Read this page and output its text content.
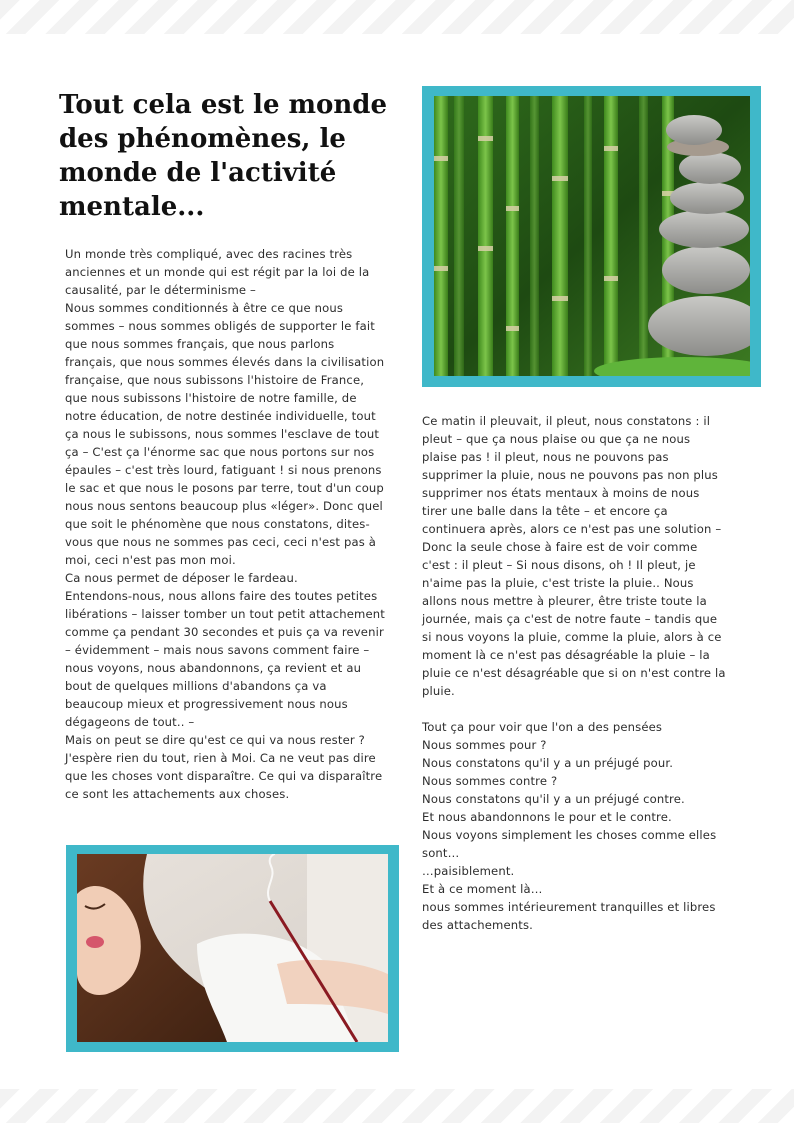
Tout cela est le monde des phénomènes, le monde de l'activité mentale...

Un monde très compliqué, avec des racines très anciennes et un monde qui est régit par la loi de la causalité, par le déterminisme –
Nous sommes conditionnés à être ce que nous sommes – nous sommes obligés de supporter le fait que nous sommes français, que nous parlons français, que nous sommes élevés dans la civilisation française, que nous subissons l'histoire de France, que nous subissons l'histoire de notre famille, de notre éducation, de notre destinée individuelle, tout ça nous le subissons, nous sommes l'esclave de tout ça – C'est ça l'énorme sac que nous portons sur nos épaules – c'est très lourd, fatiguant ! si nous prenons le sac et que nous le posons par terre, tout d'un coup nous nous sentons beaucoup plus «léger». Donc quel que soit le phénomène que nous constatons, dites-vous que nous ne sommes pas ceci, ceci n'est pas à moi, ceci n'est pas mon moi.
Ca nous permet de déposer le fardeau.
Entendons-nous, nous allons faire des toutes petites libérations – laisser tomber un tout petit attachement comme ça pendant 30 secondes et puis ça va revenir – évidemment – mais nous savons comment faire – nous voyons, nous abandonnons, ça revient et au bout de quelques millions d'abandons ça va beaucoup mieux et progressivement nous nous dégageons de tout.. –
Mais on peut se dire qu'est ce qui va nous rester ? J'espère rien du tout, rien à Moi. Ca ne veut pas dire que les choses vont disparaître. Ce qui va disparaître ce sont les attachements aux choses.

Ce matin il pleuvait, il pleut, nous constatons : il pleut – que ça nous plaise ou que ça ne nous plaise pas ! il pleut, nous ne pouvons pas supprimer la pluie, nous ne pouvons pas non plus supprimer nos états mentaux à moins de nous tirer une balle dans la tête – et encore ça continuera après, alors ce n'est pas une solution – Donc la seule chose à faire est de voir comme c'est : il pleut – Si nous disons, oh ! Il pleut, je n'aime pas la pluie, c'est triste la pluie.. Nous allons nous mettre à pleurer, être triste toute la journée, mais ça c'est de notre faute – tandis que si nous voyons la pluie, comme la pluie, alors à ce moment là ce n'est pas désagréable la pluie – la pluie ce n'est désagréable que si on n'est contre la pluie.

Tout ça pour voir que l'on a des pensées
Nous sommes pour ?
Nous constatons qu'il y a un préjugé pour.
Nous sommes contre ?
Nous constatons qu'il y a un préjugé contre.
Et nous abandonnons le pour et le contre.
Nous voyons simplement les choses comme elles sont…
…paisiblement.
Et à ce moment là…
nous sommes intérieurement tranquilles et libres des attachements.
